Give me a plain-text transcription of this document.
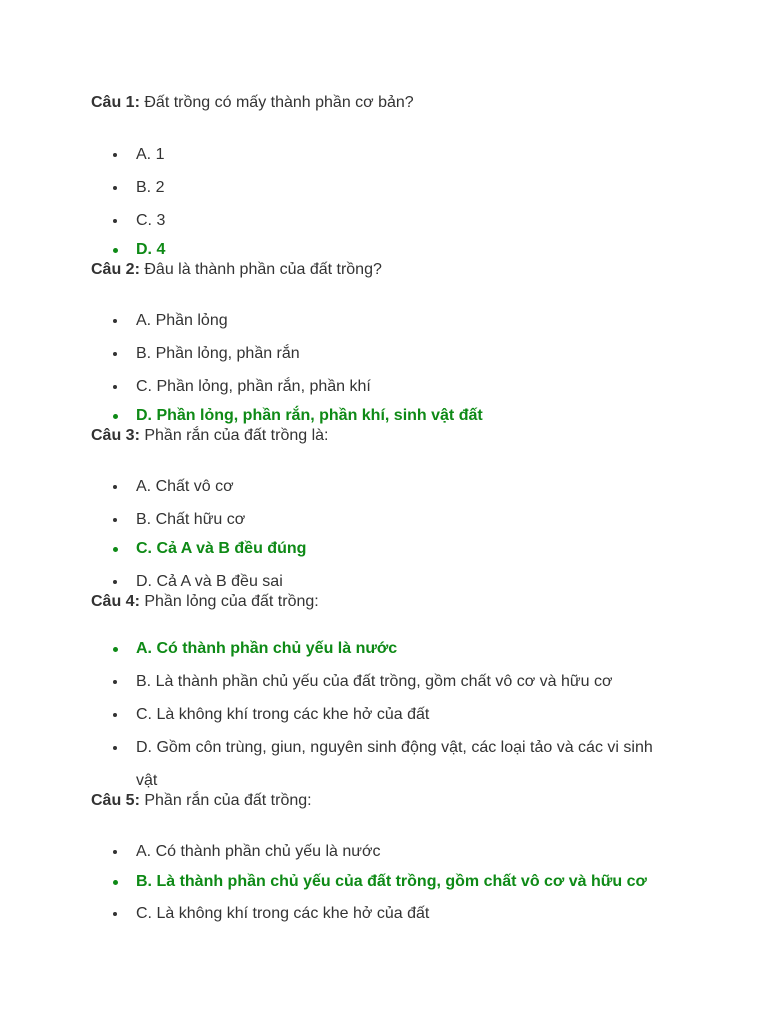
Câu 1: Đất trồng có mấy thành phần cơ bản?
A. 1
B. 2
C. 3
D. 4
Câu 2: Đâu là thành phần của đất trồng?
A. Phần lỏng
B. Phần lỏng, phần rắn
C. Phần lỏng, phần rắn, phần khí
D. Phần lỏng, phần rắn, phần khí, sinh vật đất
Câu 3: Phần rắn của đất trồng là:
A. Chất vô cơ
B. Chất hữu cơ
C. Cả A và B đều đúng
D. Cả A và B đều sai
Câu 4: Phần lỏng của đất trồng:
A. Có thành phần chủ yếu là nước
B. Là thành phần chủ yếu của đất trồng, gồm chất vô cơ và hữu cơ
C. Là không khí trong các khe hở của đất
D. Gồm côn trùng, giun, nguyên sinh động vật, các loại tảo và các vi sinh vật
Câu 5: Phần rắn của đất trồng:
A. Có thành phần chủ yếu là nước
B. Là thành phần chủ yếu của đất trồng, gồm chất vô cơ và hữu cơ
C. Là không khí trong các khe hở của đất
